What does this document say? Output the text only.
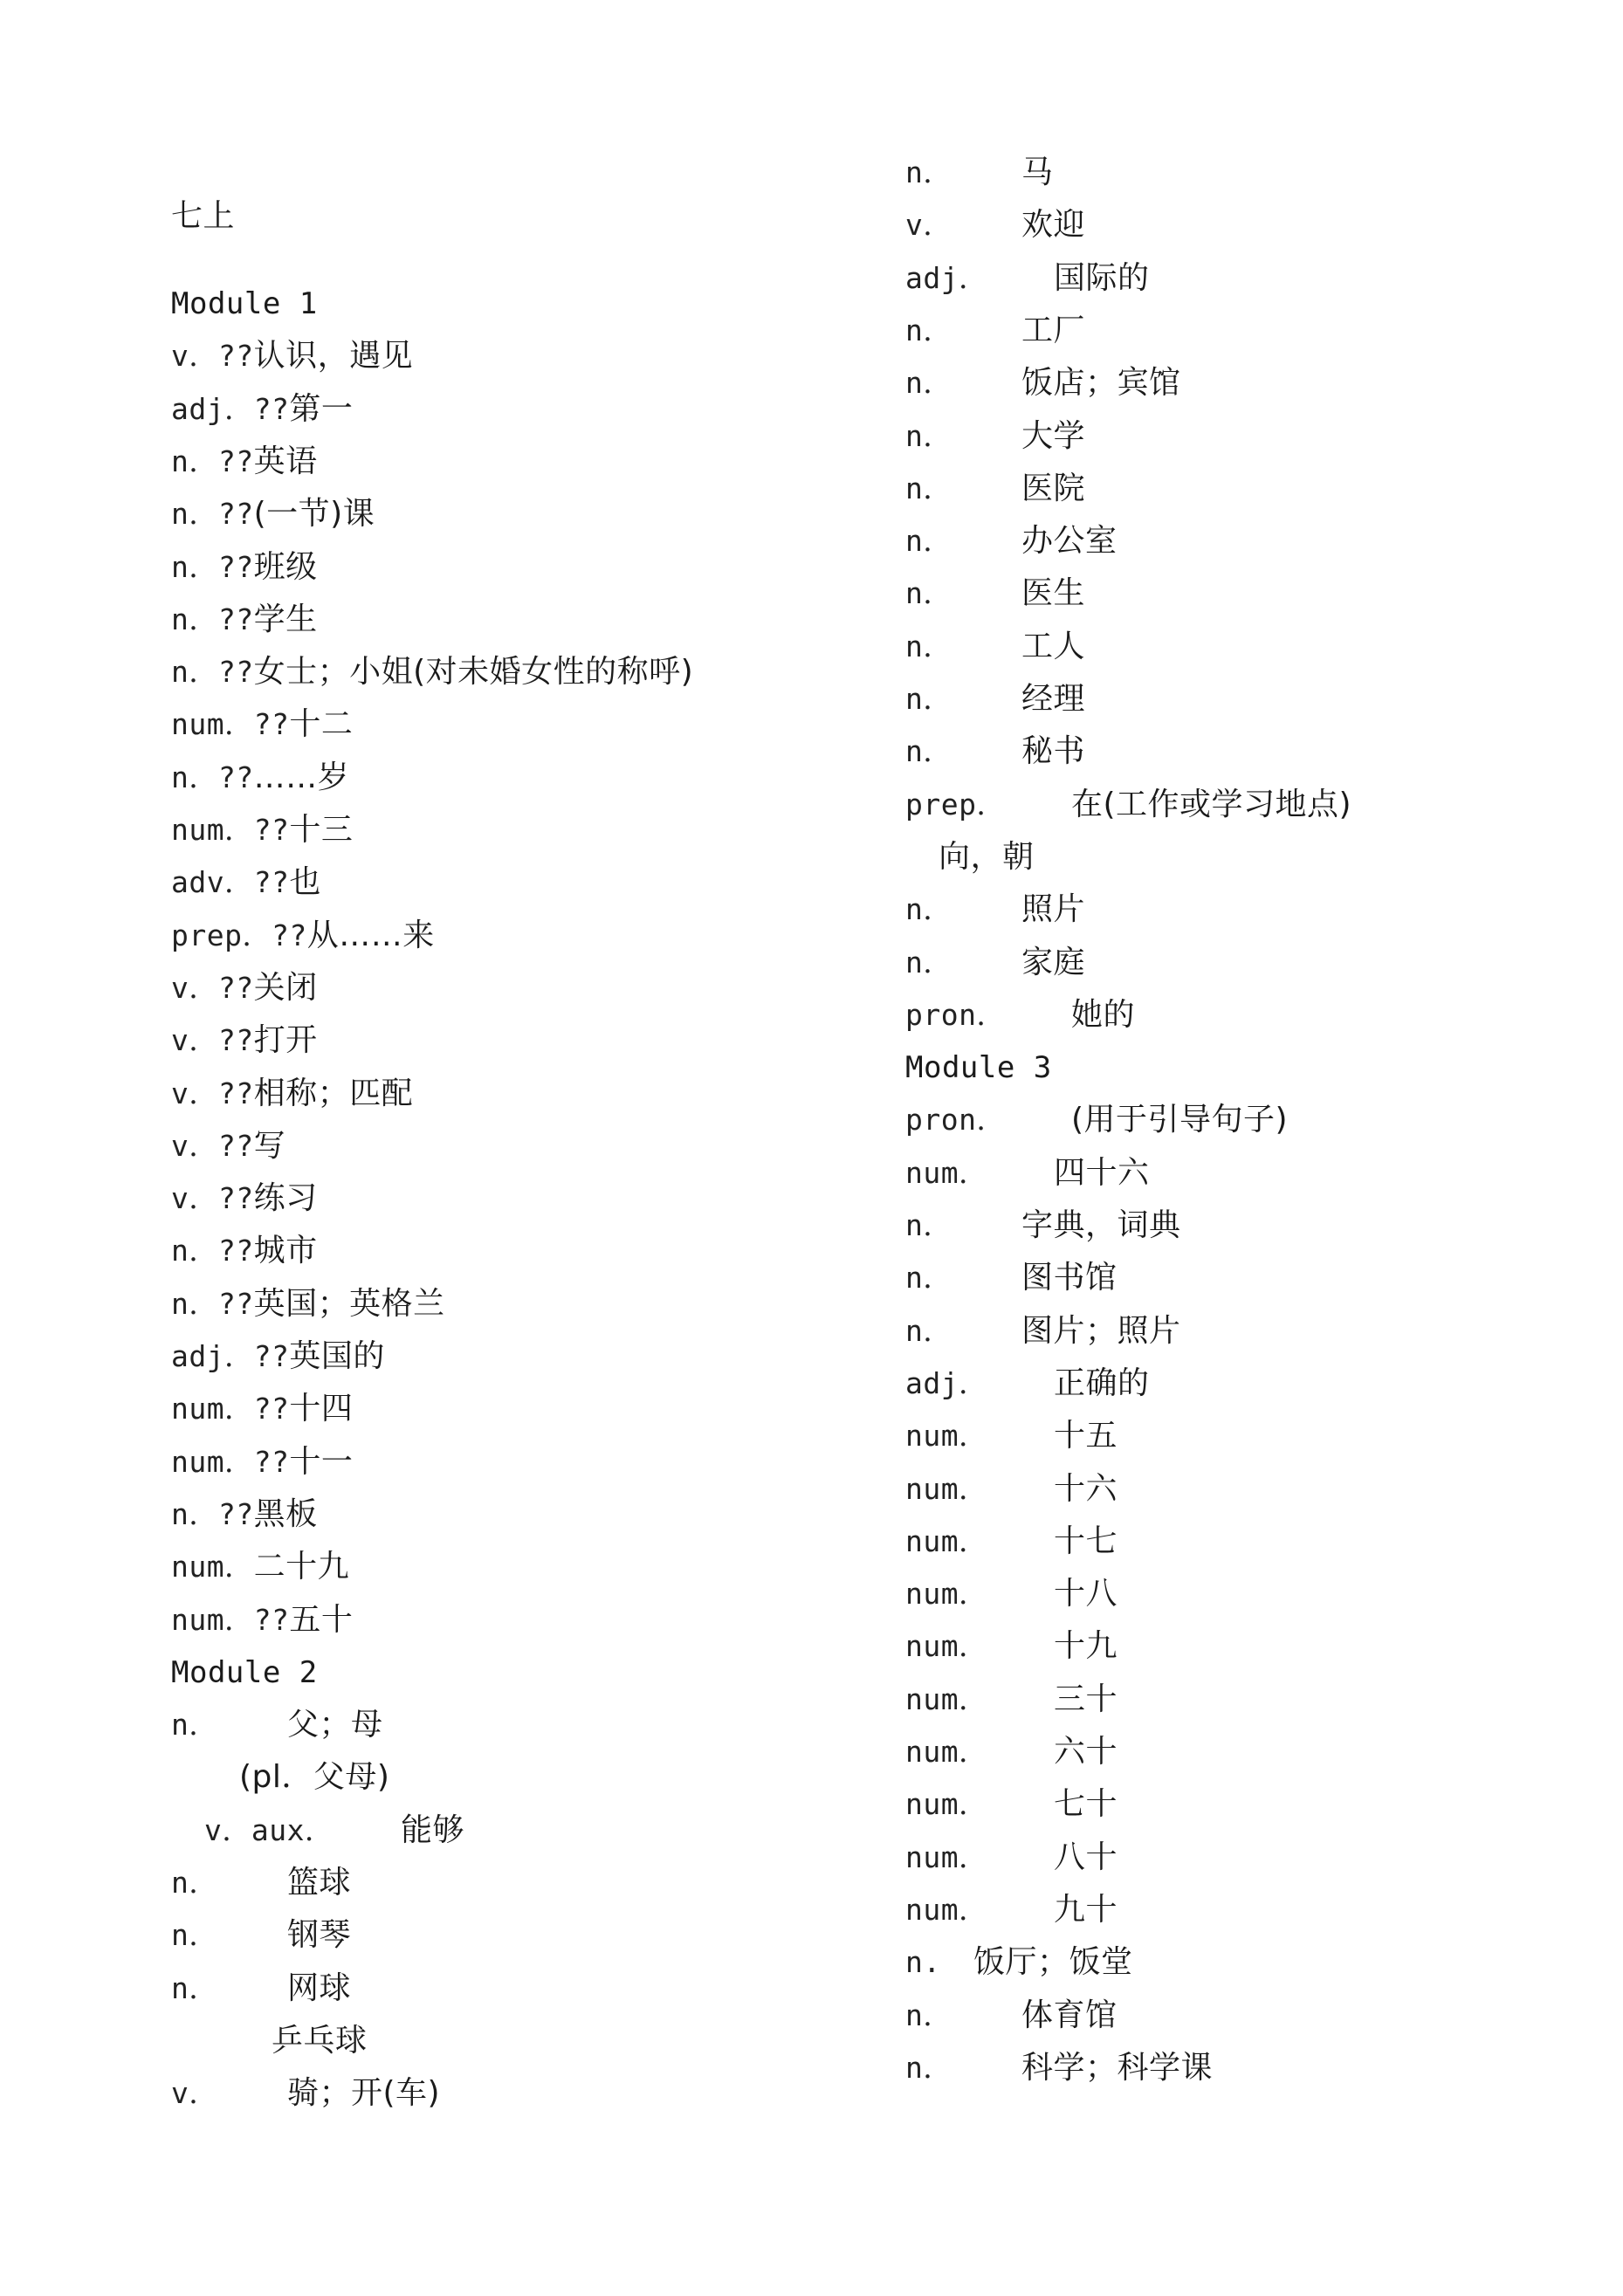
七上
Module 1
v．??认识，遇见
adj．??第一
n．??英语
n．??(一节)课
n．??班级
n．??学生
n．??女士；小姐(对未婚女性的称呼)
num．??十二
n．??……岁
num．??十三
adv．??也
prep．??从……来
v．??关闭
v．??打开
v．??相称；匹配
v．??写
v．??练习
n．??城市
n．??英国；英格兰
adj．??英国的
num．??十四
num．??十一
n．??黑板
num．二十九
num．??五十
Module 2
n． 父；母
(pl．父母)
v．aux． 能够
n． 篮球
n． 钢琴
n． 网球
乒乓球
v． 骑；开(车)
n． 马
v． 欢迎
adj． 国际的
n． 工厂
n． 饭店；宾馆
n． 大学
n． 医院
n． 办公室
n． 医生
n． 工人
n． 经理
n． 秘书
prep． 在(工作或学习地点)
向，朝
n． 照片
n． 家庭
pron． 她的
Module 3
pron． (用于引导句子)
num． 四十六
n． 字典，词典
n． 图书馆
n． 图片；照片
adj． 正确的
num． 十五
num． 十六
num． 十七
num． 十八
num． 十九
num． 三十
num． 六十
num． 七十
num． 八十
num． 九十
n. 饭厅；饭堂
n． 体育馆
n． 科学；科学课
